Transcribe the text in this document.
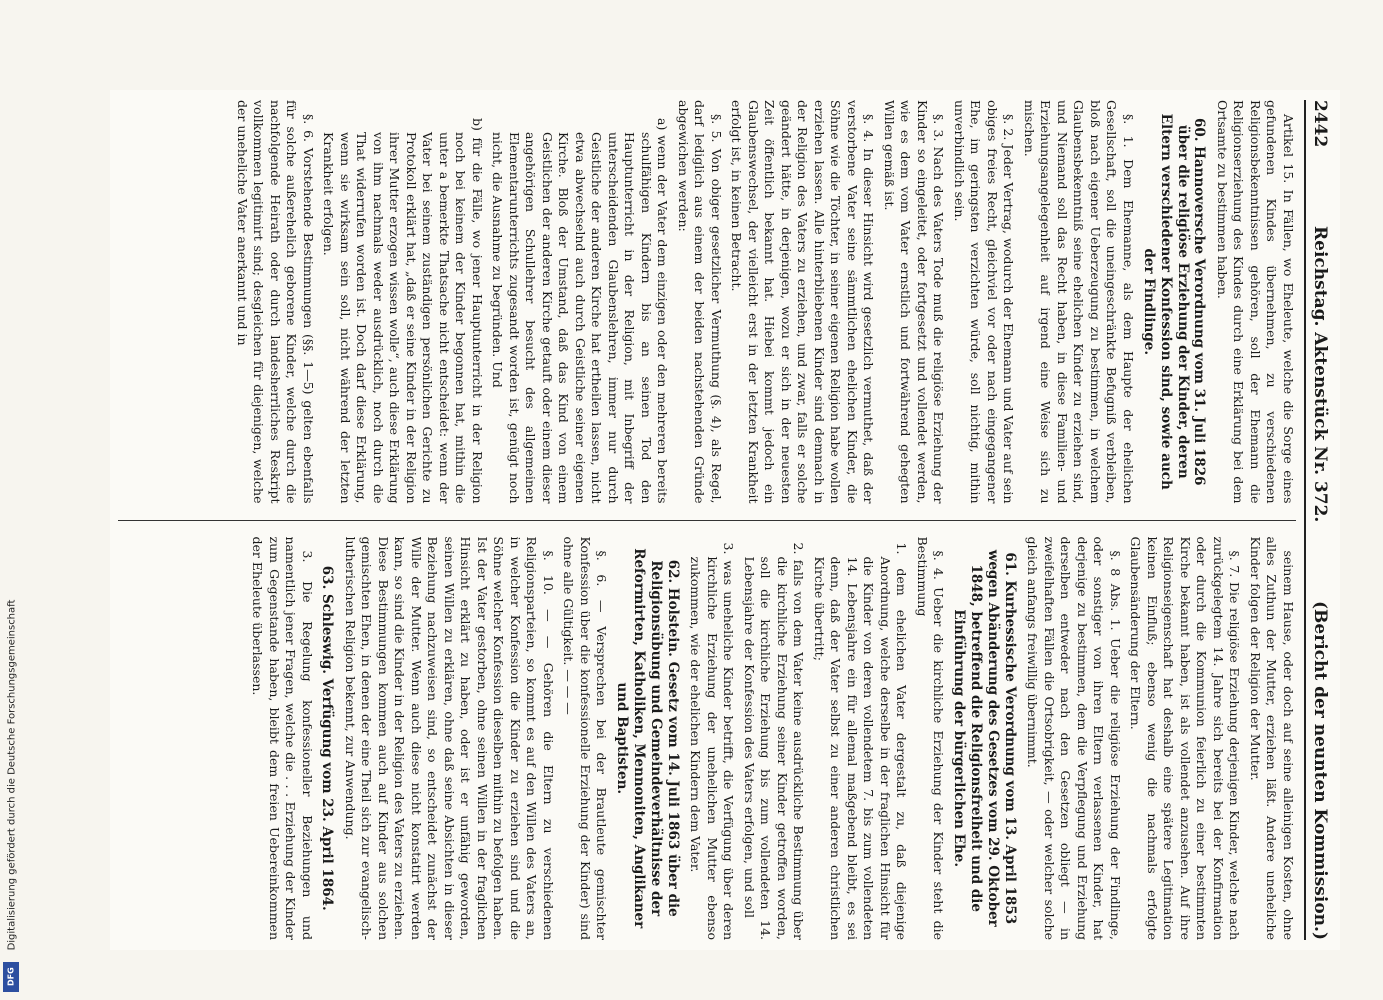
Digitalisierung gefördert durch die Deutsche Forschungsgemeinschaft
DFG
2442
Reichstag. Aktenstück Nr. 372.
(Bericht der neunten Kommission.)

Artikel 15. In Fällen, wo Eheleute, welche die Sorge eines gefundenen Kindes übernehmen, zu verschiedenen Religionsbekenntnissen gehören, soll der Ehemann die Religionserziehung des Kindes durch eine Erklärung bei dem Ortsamte zu bestimmen haben.

60. Hannoversche Verordnung vom 31. Juli 1826 über die religiöse Erziehung der Kinder, deren Eltern verschiedener Konfession sind, sowie auch der Findlinge.

§. 1. Dem Ehemanne, als dem Haupte der ehelichen Gesellschaft, soll die uneingeschränkte Befugniß verbleiben, bloß nach eigener Ueberzeugung zu bestimmen, in welchem Glaubensbekenntniß seine ehelichen Kinder zu erziehen sind, und Niemand soll das Recht haben, in diese Familien- und Erziehungsangelegenheit auf irgend eine Weise sich zu mischen.

§. 2. Jeder Vertrag, wodurch der Ehemann und Vater auf sein obiges freies Recht, gleichviel vor oder nach eingegangener Ehe, im geringsten verzichten würde, soll nichtig, mithin unverbindlich sein.

§. 3. Nach des Vaters Tode muß die religiöse Erziehung der Kinder so eingeleitet, oder fortgesetzt und vollendet werden, wie es dem vom Vater ernstlich und fortwährend gehegten Willen gemäß ist.

§. 4. In dieser Hinsicht wird gesetzlich vermuthet, daß der verstorbene Vater seine sämmtlichen ehelichen Kinder, die Söhne wie die Töchter, in seiner eigenen Religion habe wollen erziehen lassen. Alle hinterbliebenen Kinder sind demnach in der Religion des Vaters zu erziehen, und zwar, falls er solche geändert hätte, in derjenigen, wozu er sich in der neuesten Zeit öffentlich bekannt hat. Hiebei kommt jedoch ein Glaubenswechsel, der vielleicht erst in der letzten Krankheit erfolgt ist, in keinen Betracht.

§. 5. Von obiger gesetzlicher Vermuthung (§. 4), als Regel, darf lediglich aus einem der beiden nachstehenden Gründe abgewichen werden:

a) wenn der Vater dem einzigen oder den mehreren bereits schulfähigen Kindern bis an seinen Tod den Hauptunterricht in der Religion, mit Inbegriff der unterscheidenden Glaubenslehren, immer nur durch Geistliche der anderen Kirche hat ertheilen lassen, nicht etwa abwechselnd auch durch Geistliche seiner eigenen Kirche. Bloß der Umstand, daß das Kind von einem Geistlichen der anderen Kirche getauft oder einem dieser angehörigen Schullehrer besucht des allgemeinen Elementarunterrichts zugesandt worden ist, genügt noch nicht, die Ausnahme zu begründen. Und

b) für die Fälle, wo jener Hauptunterricht in der Religion noch bei keinem der Kinder begonnen hat, mithin die unter a bemerkte Thatsache nicht entscheidet: wenn der Vater bei seinem zuständigen persönlichen Gerichte zu Protokoll erklärt hat, „daß er seine Kinder in der Religion ihrer Mutter erzogen wissen wolle“, auch diese Erklärung von ihm nachmals weder ausdrücklich, noch durch die That widerrufen worden ist. Doch darf diese Erklärung, wenn sie wirksam sein soll, nicht während der letzten Krankheit erfolgen.

§. 6. Vorstehende Bestimmungen (§§. 1—5) gelten ebenfalls für solche außerehelich geborene Kinder, welche durch die nachfolgende Heirath oder durch landesherrliches Reskript vollkommen legitimirt sind; desgleichen für diejenigen, welche der uneheliche Vater anerkannt und in

seinem Hause, oder doch auf seine alleinigen Kosten, ohne alles Zuthun der Mutter, erziehen läßt. Andere uneheliche Kinder folgen der Religion der Mutter.

§. 7. Die religiöse Erziehung derjenigen Kinder, welche nach zurückgelegtem 14. Jahre sich bereits bei der Konfirmation oder durch die Kommunion feierlich zu einer bestimmten Kirche bekannt haben, ist als vollendet anzusehen. Auf ihre Religionseigenschaft hat deshalb eine spätere Legitimation keinen Einfluß; ebenso wenig die nachmals erfolgte Glaubensänderung der Eltern.

§. 8 Abs. 1. Ueber die religiöse Erziehung der Findlinge, oder sonstiger von ihren Eltern verlassenen Kinder, hat derjenige zu bestimmen, dem die Verpflegung und Erziehung derselben entweder nach den Gesetzen obliegt — in zweifelhaften Fällen die Ortsobrigkeit, — oder welcher solche gleich anfangs freiwillig übernimmt.

61. Kurhessische Verordnung vom 13. April 1853 wegen Abänderung des Gesetzes vom 29. Oktober 1848, betreffend die Religionsfreiheit und die Einführung der bürgerlichen Ehe.

§. 4. Ueber die kirchliche Erziehung der Kinder steht die Bestimmung

1. dem ehelichen Vater dergestalt zu, daß diejenige Anordnung, welche derselbe in der fraglichen Hinsicht für die Kinder von deren vollendetem 7. bis zum vollendeten 14. Lebensjahre ein für allemal maßgebend bleibt, es sei denn, daß der Vater selbst zu einer anderen christlichen Kirche übertritt;

2. falls von dem Vater keine ausdrückliche Bestimmung über die kirchliche Erziehung seiner Kinder getroffen worden, soll die kirchliche Erziehung bis zum vollendeten 14. Lebensjahre der Konfession des Vaters erfolgen, und soll

3. was uneheliche Kinder betrifft, die Verfügung über deren kirchliche Erziehung der unehelichen Mutter ebenso zukommen, wie der ehelichen Kindern dem Vater.

62. Holstein. Gesetz vom 14. Juli 1863 über die Religionsübung und Gemeindeverhältnisse der Reformirten, Katholiken, Mennoniten, Anglikaner und Baptisten.

§. 6. — Versprechen bei der Brautleute gemischter Konfession über die konfessionelle Erziehung der Kinder) sind ohne alle Gültigkeit. — — —

§. 10. — — Gehören die Eltern zu verschiedenen Religionsparteien, so kommt es auf den Willen des Vaters an, in welcher Konfession die Kinder zu erziehen sind und die Söhne welcher Konfession dieselben mithin zu befolgen haben. Ist der Vater gestorben, ohne seinen Willen in der fraglichen Hinsicht erklärt zu haben, oder ist er unfähig geworden, seinen Willen zu erklären, ohne daß seine Absichten in dieser Beziehung nachzuweisen sind, so entscheidet zunächst der Wille der Mutter. Wenn auch diese nicht konstatirt werden kann, so sind die Kinder in der Religion des Vaters zu erziehen. Diese Bestimmungen kommen auch auf Kinder aus solchen gemischten Ehen, in denen der eine Theil sich zur evangelisch-lutherischen Religion bekennt, zur Anwendung.

63. Schleswig. Verfügung vom 23. April 1864.

3. Die Regelung konfessioneller Beziehungen und namentlich jener Fragen, welche die . . . Erziehung der Kinder zum Gegenstande haben, bleibt dem freien Uebereinkommen der Eheleute überlassen.
